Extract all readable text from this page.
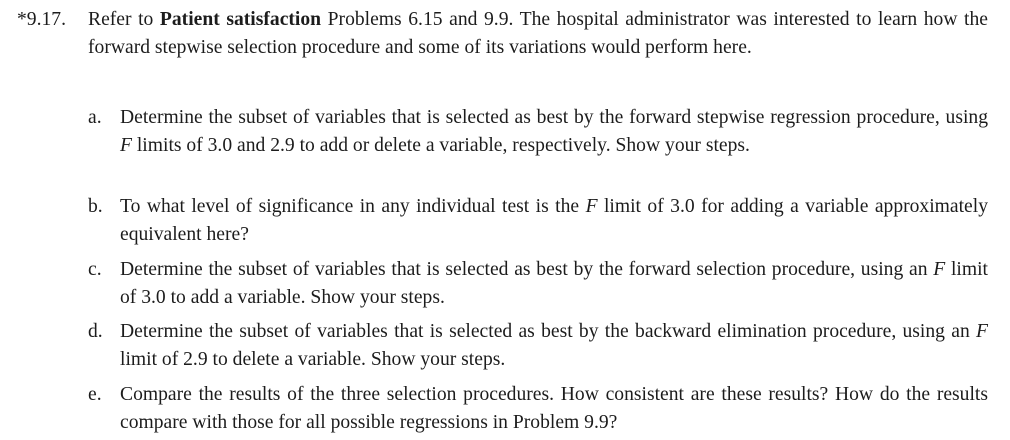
*9.17. Refer to Patient satisfaction Problems 6.15 and 9.9. The hospital administrator was interested to learn how the forward stepwise selection procedure and some of its variations would perform here.
a. Determine the subset of variables that is selected as best by the forward stepwise regression procedure, using F limits of 3.0 and 2.9 to add or delete a variable, respectively. Show your steps.
b. To what level of significance in any individual test is the F limit of 3.0 for adding a variable approximately equivalent here?
c. Determine the subset of variables that is selected as best by the forward selection procedure, using an F limit of 3.0 to add a variable. Show your steps.
d. Determine the subset of variables that is selected as best by the backward elimination procedure, using an F limit of 2.9 to delete a variable. Show your steps.
e. Compare the results of the three selection procedures. How consistent are these results? How do the results compare with those for all possible regressions in Problem 9.9?
